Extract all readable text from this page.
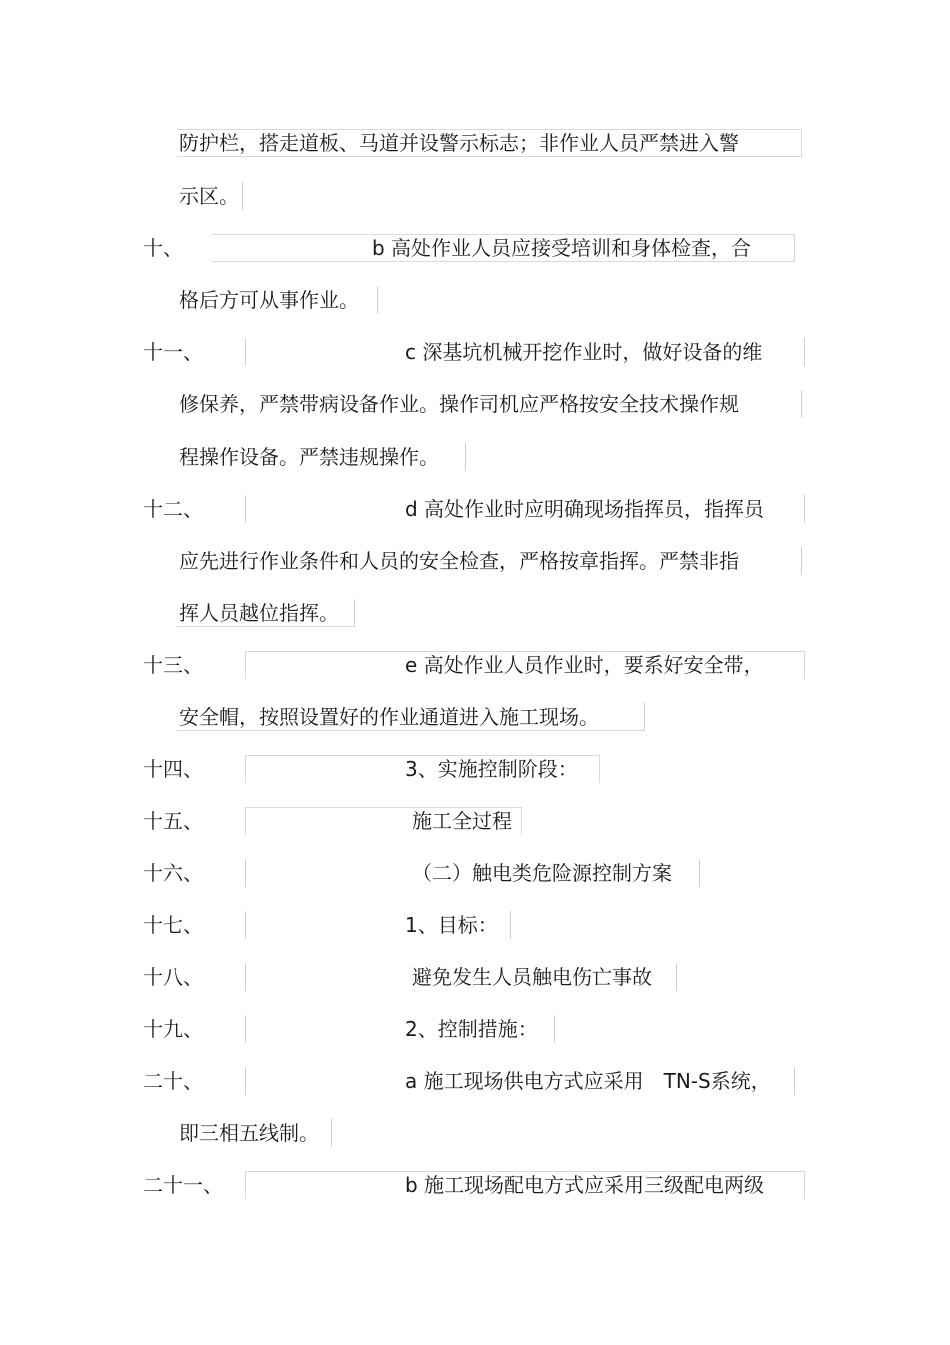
防护栏，搭走道板、马道并设警示标志；非作业人员严禁进入警
示区。
十、	b 高处作业人员应接受培训和身体检查，合
格后方可从事作业。
十一、	c 深基坑机械开挖作业时，做好设备的维
修保养，严禁带病设备作业。操作司机应严格按安全技术操作规
程操作设备。严禁违规操作。
十二、	d 高处作业时应明确现场指挥员，指挥员
应先进行作业条件和人员的安全检查，严格按章指挥。严禁非指
挥人员越位指挥。
十三、	e 高处作业人员作业时，要系好安全带，
安全帽，按照设置好的作业通道进入施工现场。
十四、	3、实施控制阶段：
十五、	施工全过程
十六、	（二）触电类危险源控制方案
十七、	1、目标：
十八、	避免发生人员触电伤亡事故
十九、	2、控制措施：
二十、	a 施工现场供电方式应采用　TN-S系统，
即三相五线制。
二十一、	b 施工现场配电方式应采用三级配电两级
